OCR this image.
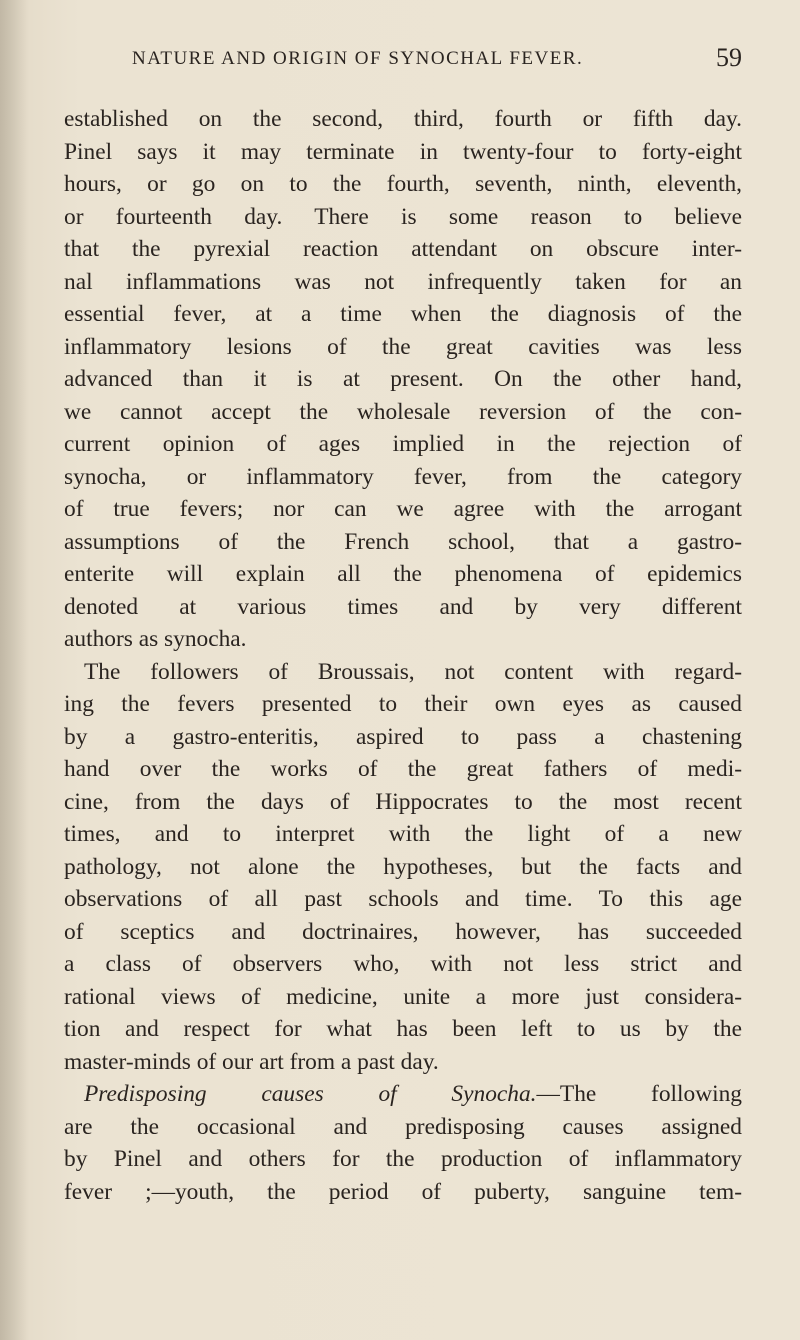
NATURE AND ORIGIN OF SYNOCHAL FEVER.	59
established on the second, third, fourth or fifth day.
Pinel says it may terminate in twenty-four to forty-eight
hours, or go on to the fourth, seventh, ninth, eleventh,
or fourteenth day. There is some reason to believe
that the pyrexial reaction attendant on obscure inter-
nal inflammations was not infrequently taken for an
essential fever, at a time when the diagnosis of the
inflammatory lesions of the great cavities was less
advanced than it is at present. On the other hand,
we cannot accept the wholesale reversion of the con-
current opinion of ages implied in the rejection of
synocha, or inflammatory fever, from the category
of true fevers; nor can we agree with the arrogant
assumptions of the French school, that a gastro-
enterite will explain all the phenomena of epidemics
denoted at various times and by very different
authors as synocha.
The followers of Broussais, not content with regard-
ing the fevers presented to their own eyes as caused
by a gastro-enteritis, aspired to pass a chastening
hand over the works of the great fathers of medi-
cine, from the days of Hippocrates to the most recent
times, and to interpret with the light of a new
pathology, not alone the hypotheses, but the facts and
observations of all past schools and time. To this age
of sceptics and doctrinaires, however, has succeeded
a class of observers who, with not less strict and
rational views of medicine, unite a more just considera-
tion and respect for what has been left to us by the
master-minds of our art from a past day.
Predisposing causes of Synocha.—The following
are the occasional and predisposing causes assigned
by Pinel and others for the production of inflammatory
fever ;—youth, the period of puberty, sanguine tem-
